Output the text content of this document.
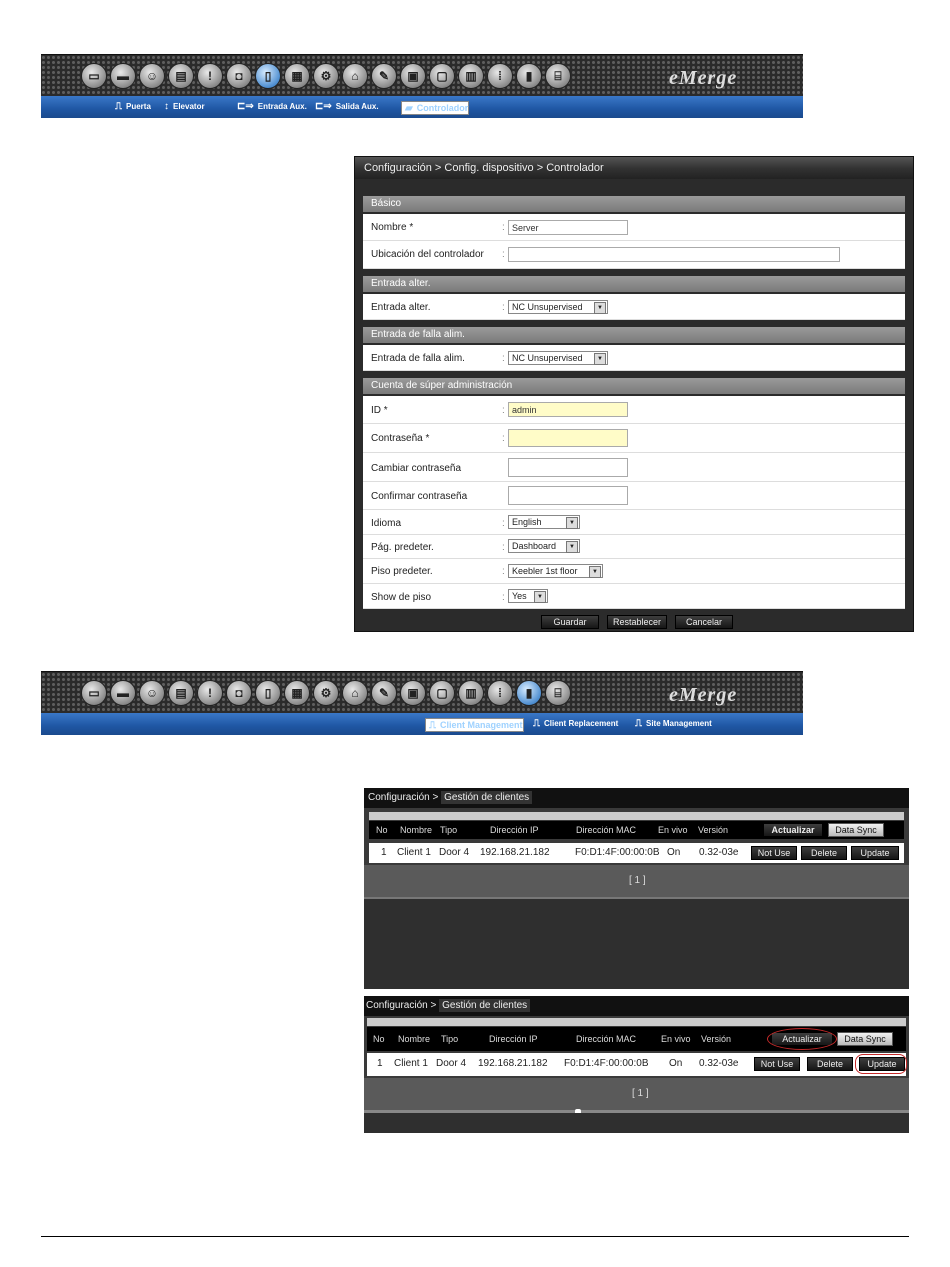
▭	▬	☺	▤	!	◘	▯	▦	⚙	⌂	✎	▣	▢	▥	⁞	▮	⌸	eMerge
⎍ Puerta ↕ Elevator	⊏⇒ Entrada Aux. ⊏⇒ Salida Aux.	▰ Controlador
Configuración > Config. dispositivo > Controlador
Básico
Nombre *	: Server
Ubicación del controlador :
Entrada alter.
Entrada alter.	: NC Unsupervised	▼
Entrada de falla alim.
Entrada de falla alim.	: NC Unsupervised	▼
Cuenta de súper administración
ID *	: admin
Contraseña *	:
Cambiar contraseña
Confirmar contraseña
Idioma	: English	▼
Pág. predeter.	: Dashboard	▼
Piso predeter.	: Keebler 1st floor	▼
Show de piso	: Yes	▼
Guardar	Restablecer	Cancelar
▭	▬	☺	▤	!	◘	▯	▦	⚙	⌂	✎	▣	▢	▥	⁞	▮	⌸	eMerge
⎍ Client Management ⎍ Client Replacement ⎍ Site Management
Configuración > Gestión de clientes
No Nombre Tipo	Dirección IP	Dirección MAC En vivo Versión	Actualizar	Data Sync
1 Client 1 Door 4 192.168.21.182	F0:D1:4F:00:00:0B On 0.32-03e	Not Use	Delete	Update
[ 1 ]
Configuración > Gestión de clientes
No Nombre Tipo	Dirección IP	Dirección MAC	En vivo Versión	Actualizar	Data Sync
1 Client 1 Door 4 192.168.21.182 F0:D1:4F:00:00:0B On 0.32-03e	Not Use	Delete	Update
[ 1 ]
